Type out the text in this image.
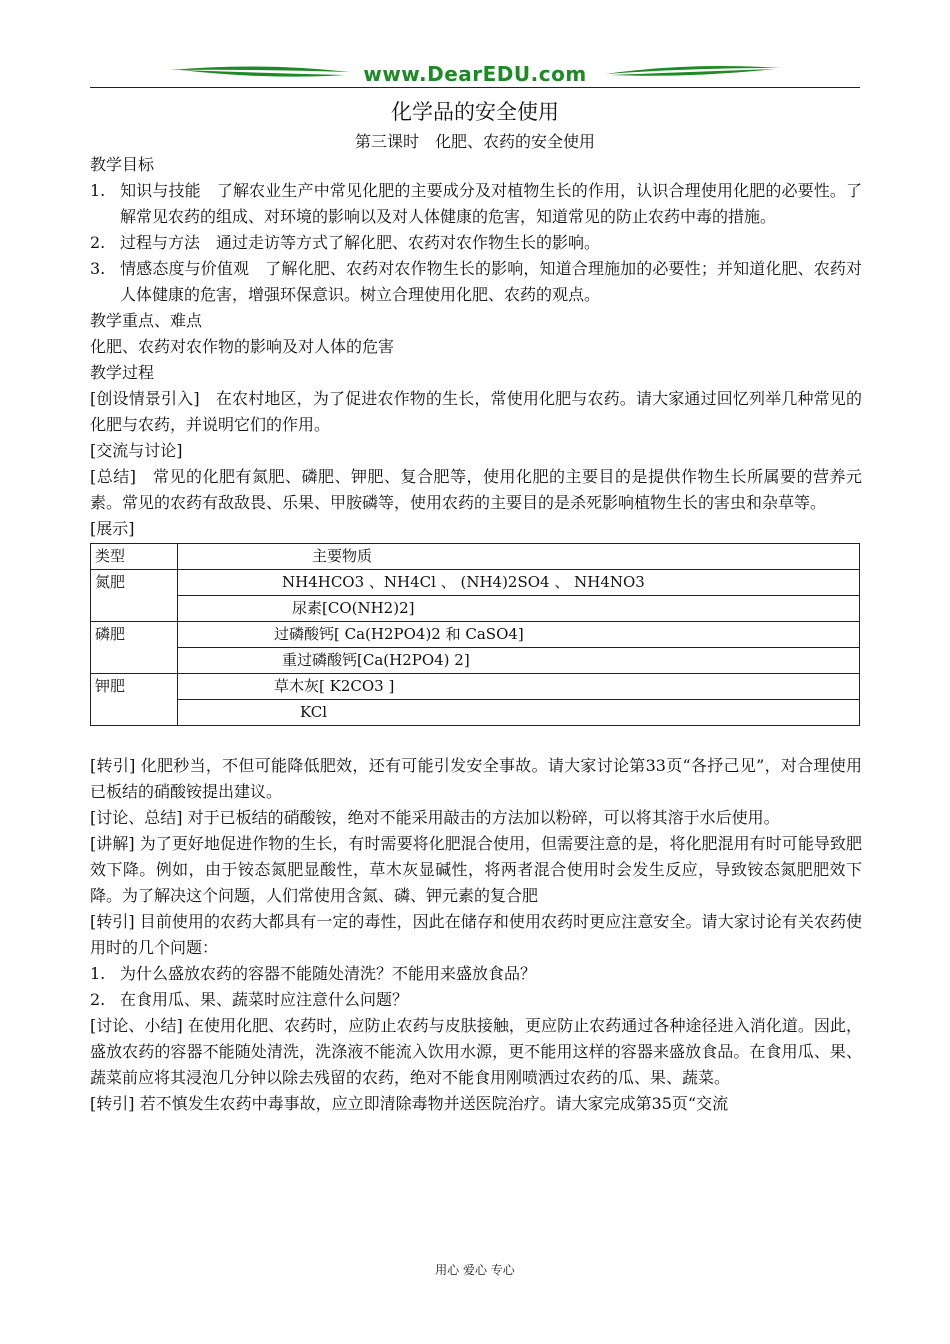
www.DearEDU.com
化学品的安全使用
第三课时　化肥、农药的安全使用

教学目标

1. 知识与技能　了解农业生产中常见化肥的主要成分及对植物生长的作用，认识合理使用化肥的必要性。了解常见农药的组成、对环境的影响以及对人体健康的危害，知道常见的防止农药中毒的措施。

2. 过程与方法　通过走访等方式了解化肥、农药对农作物生长的影响。

3. 情感态度与价值观　了解化肥、农药对农作物生长的影响，知道合理施加的必要性；并知道化肥、农药对人体健康的危害，增强环保意识。树立合理使用化肥、农药的观点。

教学重点、难点

化肥、农药对农作物的影响及对人体的危害

教学过程

[创设情景引入]　在农村地区，为了促进农作物的生长，常使用化肥与农药。请大家通过回忆列举几种常见的化肥与农药，并说明它们的作用。

[交流与讨论]

[总结]　常见的化肥有氮肥、磷肥、钾肥、复合肥等，使用化肥的主要目的是提供作物生长所属要的营养元素。常见的农药有敌敌畏、乐果、甲胺磷等，使用农药的主要目的是杀死影响植物生长的害虫和杂草等。

[展示]

类型	主要物质
氮肥	NH4HCO3 、NH4Cl 、 (NH4)2SO4 、 NH4NO3
	尿素[CO(NH2)2]
磷肥	过磷酸钙[ Ca(H2PO4)2 和 CaSO4]
	重过磷酸钙[Ca(H2PO4) 2]
钾肥	草木灰[ K2CO3 ]
	KCl

[转引] 化肥秒当，不但可能降低肥效，还有可能引发安全事故。请大家讨论第33页“各抒己见”，对合理使用已板结的硝酸铵提出建议。

[讨论、总结] 对于已板结的硝酸铵，绝对不能采用敲击的方法加以粉碎，可以将其溶于水后使用。

[讲解] 为了更好地促进作物的生长，有时需要将化肥混合使用，但需要注意的是，将化肥混用有时可能导致肥效下降。例如，由于铵态氮肥显酸性，草木灰显碱性，将两者混合使用时会发生反应，导致铵态氮肥肥效下降。为了解决这个问题，人们常使用含氮、磷、钾元素的复合肥

[转引] 目前使用的农药大都具有一定的毒性，因此在储存和使用农药时更应注意安全。请大家讨论有关农药使用时的几个问题：

1. 为什么盛放农药的容器不能随处清洗？不能用来盛放食品？

2. 在食用瓜、果、蔬菜时应注意什么问题？

[讨论、小结] 在使用化肥、农药时，应防止农药与皮肤接触，更应防止农药通过各种途径进入消化道。因此，盛放农药的容器不能随处清洗，洗涤液不能流入饮用水源，更不能用这样的容器来盛放食品。在食用瓜、果、蔬菜前应将其浸泡几分钟以除去残留的农药，绝对不能食用刚喷洒过农药的瓜、果、蔬菜。

[转引] 若不慎发生农药中毒事故，应立即清除毒物并送医院治疗。请大家完成第35页“交流

用心 爱心 专心
